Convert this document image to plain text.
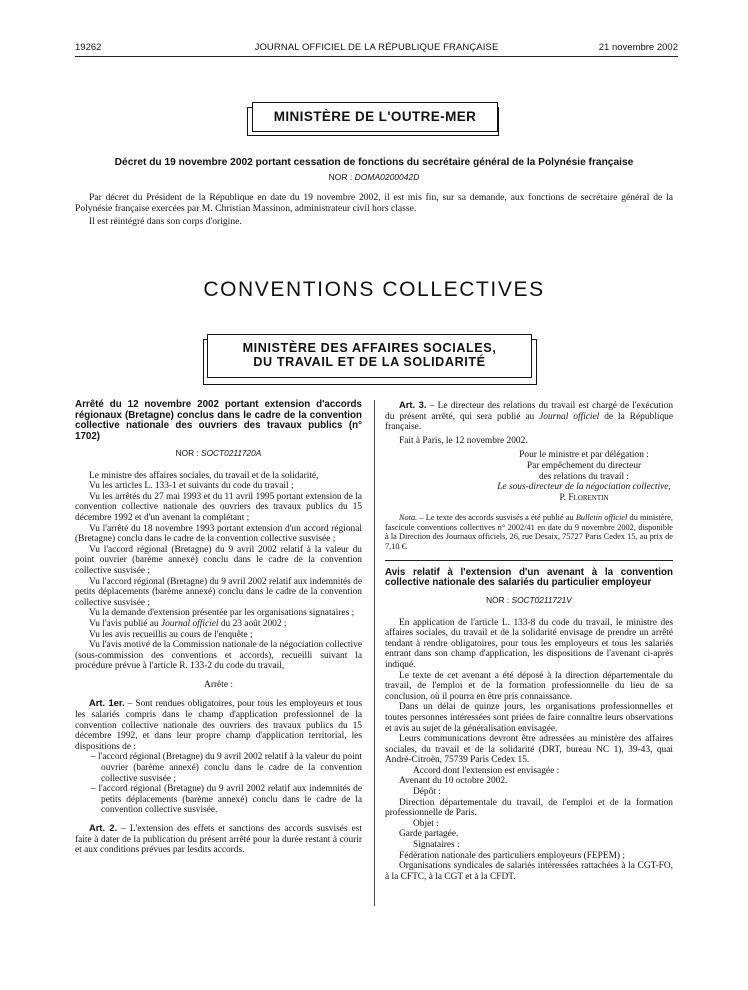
19262	JOURNAL OFFICIEL DE LA RÉPUBLIQUE FRANÇAISE	21 novembre 2002
MINISTÈRE DE L'OUTRE-MER
Décret du 19 novembre 2002 portant cessation de fonctions du secrétaire général de la Polynésie française
NOR : DOMA0200042D
Par décret du Président de la République en date du 19 novembre 2002, il est mis fin, sur sa demande, aux fonctions de secrétaire général de la Polynésie française exercées par M. Christian Massinon, administrateur civil hors classe.
Il est réintégré dans son corps d'origine.
CONVENTIONS COLLECTIVES
MINISTÈRE DES AFFAIRES SOCIALES,
DU TRAVAIL ET DE LA SOLIDARITÉ

Arrêté du 12 novembre 2002 portant extension d'accords régionaux (Bretagne) conclus dans le cadre de la convention collective nationale des ouvriers des travaux publics (n° 1702)

NOR : SOCT0211720A

Le ministre des affaires sociales, du travail et de la solidarité,

Vu les articles L. 133-1 et suivants du code du travail ;

Vu les arrêtés du 27 mai 1993 et du 11 avril 1995 portant extension de la convention collective nationale des ouvriers des travaux publics du 15 décembre 1992 et d'un avenant la complétant ;

Vu l'arrêté du 18 novembre 1993 portant extension d'un accord régional (Bretagne) conclu dans le cadre de la convention collective susvisée ;

Vu l'accord régional (Bretagne) du 9 avril 2002 relatif à la valeur du point ouvrier (barème annexé) conclu dans le cadre de la convention collective susvisée ;

Vu l'accord régional (Bretagne) du 9 avril 2002 relatif aux indemnités de petits déplacements (barème annexé) conclu dans le cadre de la convention collective susvisée ;

Vu la demande d'extension présentée par les organisations signataires ;

Vu l'avis publié au Journal officiel du 23 août 2002 ;

Vu les avis recueillis au cours de l'enquête ;

Vu l'avis motivé de la Commission nationale de la négociation collective (sous-commission des conventions et accords), recueilli suivant la procédure prévue à l'article R. 133-2 du code du travail,

Arrête :

Art. 1er. – Sont rendues obligatoires, pour tous les employeurs et tous les salariés compris dans le champ d'application professionnel de la convention collective nationale des ouvriers des travaux publics du 15 décembre 1992, et dans leur propre champ d'application territorial, les dispositions de :

– l'accord régional (Bretagne) du 9 avril 2002 relatif à la valeur du point ouvrier (barème annexé) conclu dans le cadre de la convention collective susvisée ;

– l'accord régional (Bretagne) du 9 avril 2002 relatif aux indemnités de petits déplacements (barème annexé) conclu dans le cadre de la convention collective susvisée.

Art. 2. – L'extension des effets et sanctions des accords susvisés est faite à dater de la publication du présent arrêté pour la durée restant à courir et aux conditions prévues par lesdits accords.

Art. 3. – Le directeur des relations du travail est chargé de l'exécution du présent arrêté, qui sera publié au Journal officiel de la République française.

Fait à Paris, le 12 novembre 2002.

Pour le ministre et par délégation :
Par empêchement du directeur
des relations du travail :
Le sous-directeur de la négociation collective,
P. Florentin

Nota. – Le texte des accords susvisés a été publié au Bulletin officiel du ministère, fascicule conventions collectives n° 2002/41 en date du 9 novembre 2002, disponible à la Direction des Journaux officiels, 26, rue Desaix, 75727 Paris Cedex 15, au prix de 7,10 €.

Avis relatif à l'extension d'un avenant à la convention collective nationale des salariés du particulier employeur

NOR : SOCT0211721V

En application de l'article L. 133-8 du code du travail, le ministre des affaires sociales, du travail et de la solidarité envisage de prendre un arrêté tendant à rendre obligatoires, pour tous les employeurs et tous les salariés entrant dans son champ d'application, les dispositions de l'avenant ci-après indiqué.

Le texte de cet avenant a été déposé à la direction départementale du travail, de l'emploi et de la formation professionnelle du lieu de sa conclusion, où il pourra en être pris connaissance.

Dans un délai de quinze jours, les organisations professionnelles et toutes personnes intéressées sont priées de faire connaître leurs observations et avis au sujet de la généralisation envisagée.

Leurs communications devront être adressées au ministère des affaires sociales, du travail et de la solidarité (DRT, bureau NC 1), 39-43, quai André-Citroën, 75739 Paris Cedex 15.

Accord dont l'extension est envisagée :

Avenant du 10 octobre 2002.

Dépôt :

Direction départementale du travail, de l'emploi et de la formation professionnelle de Paris.

Objet :

Garde partagée.

Signataires :

Fédération nationale des particuliers employeurs (FEPEM) ;

Organisations syndicales de salariés intéressées rattachées à la CGT-FO, à la CFTC, à la CGT et à la CFDT.
